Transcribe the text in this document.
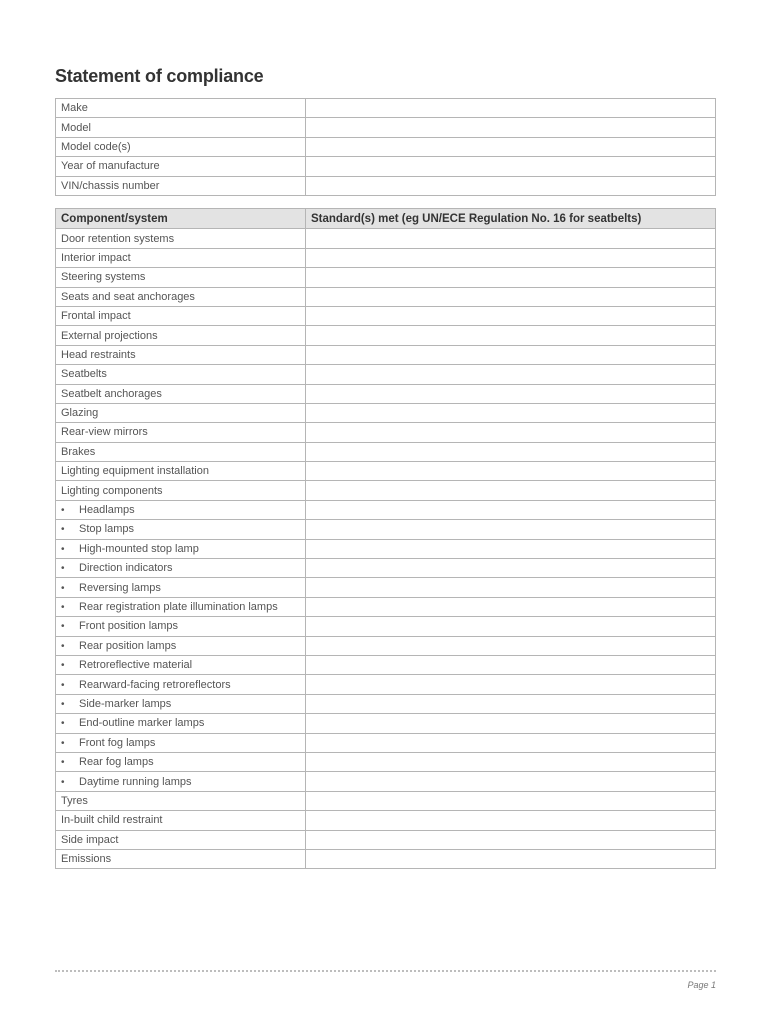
Statement of compliance
Make	
Model	
Model code(s)	
Year of manufacture	
VIN/chassis number	
Component/system	Standard(s) met (eg UN/ECE Regulation No. 16 for seatbelts)
Door retention systems	
Interior impact	
Steering systems	
Seats and seat anchorages	
Frontal impact	
External projections	
Head restraints	
Seatbelts	
Seatbelt anchorages	
Glazing	
Rear-view mirrors	
Brakes	
Lighting equipment installation	
Lighting components	
• Headlamps	
• Stop lamps	
• High-mounted stop lamp	
• Direction indicators	
• Reversing lamps	
• Rear registration plate illumination lamps	
• Front position lamps	
• Rear position lamps	
• Retroreflective material	
• Rearward-facing retroreflectors	
• Side-marker lamps	
• End-outline marker lamps	
• Front fog lamps	
• Rear fog lamps	
• Daytime running lamps	
Tyres	
In-built child restraint	
Side impact	
Emissions	
Page 1
